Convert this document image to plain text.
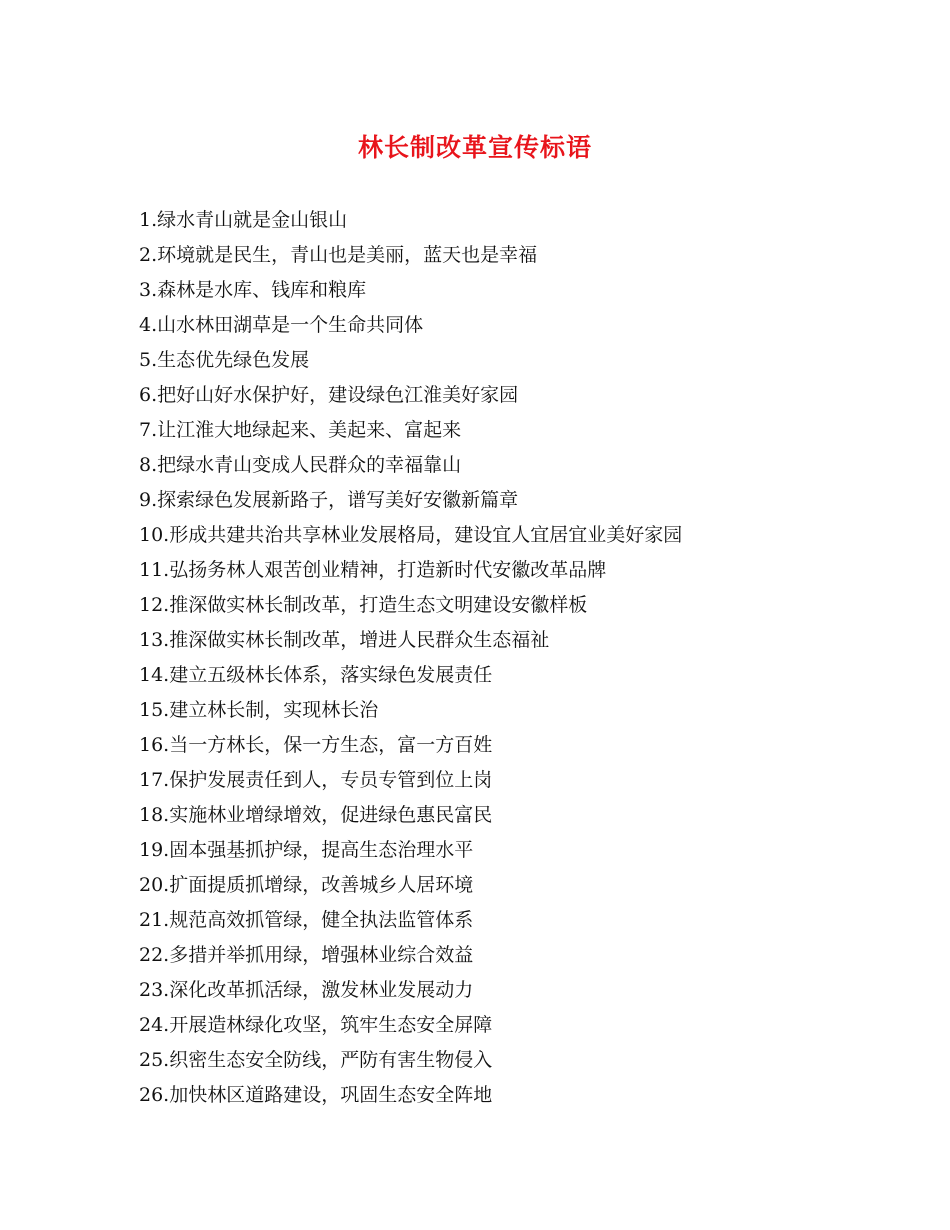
林长制改革宣传标语
1.绿水青山就是金山银山
2.环境就是民生，青山也是美丽，蓝天也是幸福
3.森林是水库、钱库和粮库
4.山水林田湖草是一个生命共同体
5.生态优先绿色发展
6.把好山好水保护好，建设绿色江淮美好家园
7.让江淮大地绿起来、美起来、富起来
8.把绿水青山变成人民群众的幸福靠山
9.探索绿色发展新路子，谱写美好安徽新篇章
10.形成共建共治共享林业发展格局，建设宜人宜居宜业美好家园
11.弘扬务林人艰苦创业精神，打造新时代安徽改革品牌
12.推深做实林长制改革，打造生态文明建设安徽样板
13.推深做实林长制改革，增进人民群众生态福祉
14.建立五级林长体系，落实绿色发展责任
15.建立林长制，实现林长治
16.当一方林长，保一方生态，富一方百姓
17.保护发展责任到人，专员专管到位上岗
18.实施林业增绿增效，促进绿色惠民富民
19.固本强基抓护绿，提高生态治理水平
20.扩面提质抓增绿，改善城乡人居环境
21.规范高效抓管绿，健全执法监管体系
22.多措并举抓用绿，增强林业综合效益
23.深化改革抓活绿，激发林业发展动力
24.开展造林绿化攻坚，筑牢生态安全屏障
25.织密生态安全防线，严防有害生物侵入
26.加快林区道路建设，巩固生态安全阵地
